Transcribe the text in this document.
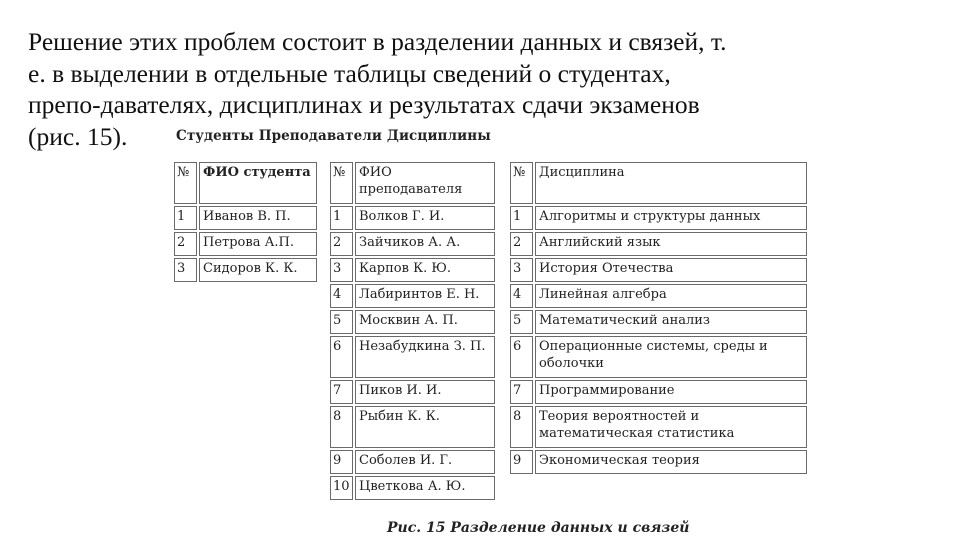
Решение этих проблем состоит в разделении данных и связей, т.
е. в выделении в отдельные таблицы сведений о студентах,
препо-давателях, дисциплинах и результатах сдачи экзаменов
(рис. 15).	Студенты Преподаватели Дисциплины
№	ФИО студента
1	Иванов В. П.
2	Петрова А.П.
3	Сидоров К. К.
№	ФИО преподавателя
1	Волков Г. И.
2	Зайчиков А. А.
3	Карпов К. Ю.
4	Лабиринтов Е. Н.
5	Москвин А. П.
6	Незабудкина З. П.
7	Пиков И. И.
8	Рыбин К. К.
9	Соболев И. Г.
10	Цветкова А. Ю.
№	Дисциплина
1	Алгоритмы и структуры данных
2	Английский язык
3	История Отечества
4	Линейная алгебра
5	Математический анализ
6	Операционные системы, среды и оболочки
7	Программирование
8	Теория вероятностей и математическая статистика
9	Экономическая теория
Рис. 15 Разделение данных и связей
